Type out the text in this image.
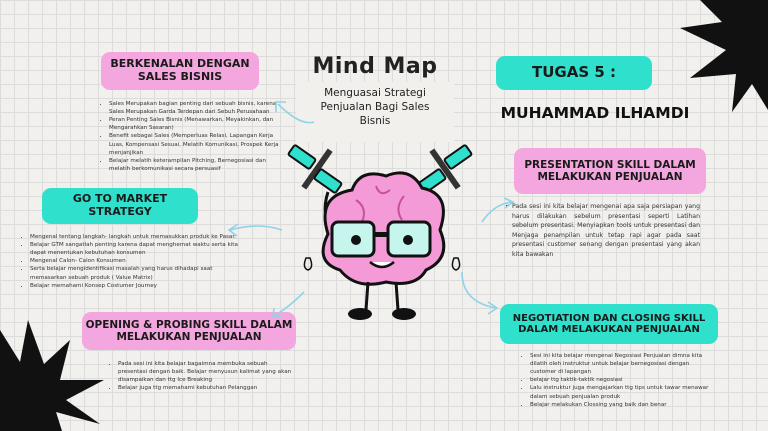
Mind Map
Menguasai Strategi Penjualan Bagi Sales Bisnis
TUGAS 5 :
MUHAMMAD ILHAMDI
BERKENALAN DENGAN SALES BISNIS
• Sales Merupakan bagian penting dari sebuah bisnis, karena Sales Merupakan Garda Terdepan dari Sebuh Perusahaan
• Peran Penting Sales Bisnis (Menawarkan, Meyakinkan, dan Mengarahkan Sasaran)
• Benefit sebagai Sales (Memperluas Relasi, Lapangan Kerja Luas, Kompensasi Sesuai, Melatih Komunikasi, Prospek Kerja menjanjikan
• Belajar melatih keterampilan Pitching, Bernegosiasi dan melatih berkomunikasi secara persuasif
GO TO MARKET STRATEGY
• Mengenal tentang langkah- langkah untuk memasukkan produk ke Pasar.
• Belajar GTM sangatlah penting karena dapat menghemat waktu serta kita dapat menentukan kebutuhan konsumen
• Mengenal Calon- Calon Konsumen
• Serta belajar mengidentifikasi masalah yang harus dihadapi saat memasarkan sebuah produk ( Value Matrix)
• Belajar memahami Konsep Costumer Journey
OPENING & PROBING SKILL DALAM MELAKUKAN PENJUALAN
• Pada sesi ini kita belajar bagaimna membuka sebuah presentasi dengan baik. Belajar menyusun kalimat yang akan disampaikan dan ttg Ice Breaking
• Belajar juga ttg memahami kebutuhan Pelanggan
PRESENTATION SKILL DALAM MELAKUKAN PENJUALAN
• Pada sesi ini kita belajar mengenai apa saja persiapan yang harus dilakukan sebelum presentasi seperti Latihan sebelum presentasi. Menyiapkan tools untuk presentasi dan Menjaga penampilan untuk tetap rapi agar pada saat presentasi customer senang dengan presentasi yang akan kita bawakan
NEGOTIATION DAN CLOSING SKILL DALAM MELAKUKAN PENJUALAN
• Sesi ini kita belajar mengenai Negosiasi Penjualan dimna kita dilatih oleh instruktur untuk belajar bernegosiasi dengan customer di lapangan
• belajar ttg taktik-taktik negosiasi
• Lalu instruktur juga mengajarkan ttg tips untuk tawar menawar dalam sebuah penjualan produk
• Belajar melakukan Clossing yang baik dan benar
